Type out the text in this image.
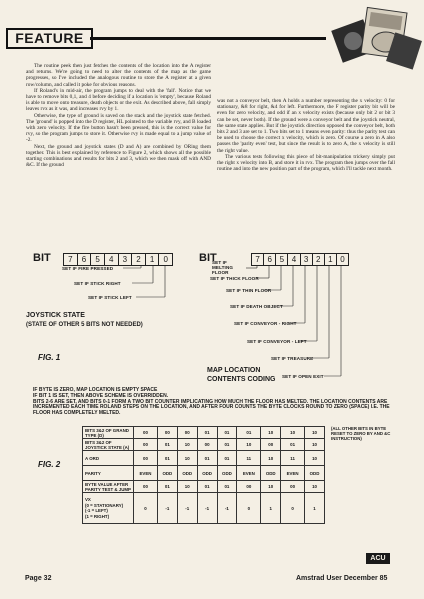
FEATURE

The routine peek then just fetches the contents of the location into the A register and returns. We're going to need to alter the contents of the map as the game progresses, so I've included the analogous routine to store the A register at a given row/column, and called it poke for obvious reasons.

If Roland's in mid-air, the program jumps to deal with the 'fall'. Notice that we have to remove bits 0,1, and 4 before deciding if a location is 'empty', because Roland is able to move onto treasure, death objects or the exit. As described above, fall simply leaves rvx as it was, and increases rvy by 1.

Otherwise, the type of ground is saved on the stack and the joystick state fetched. The 'ground' is popped into the D register, HL pointed to the variable rvy, and B loaded with zero velocity. If the fire button hasn't been pressed, this is the correct value for rvy, so the program jumps to store it. Otherwise rvy is made equal to a jump value of -2.

Next, the ground and joystick states (D and A) are combined by ORing them together. This is best explained by reference to Figure 2, which shows all the possible starting combinations and results for bits 2 and 3, which we then mask off with AND &C. If the ground

was not a conveyor belt, then A holds a number representing the x velocity: 0 for stationary, &8 for right, &4 for left. Furthermore, the F register parity bit will be even for zero velocity, and odd if an x velocity exists (because only bit 2 or bit 3 can be set, never both). If the ground were a conveyor belt and the joystick neutral, the same state applies. But if the joystick direction opposed the conveyor belt, both bits 2 and 3 are set to 1. Two bits set to 1 means even parity: thus the parity test can be used to choose the correct x velocity, which is zero. Of course a zero in A also passes the 'parity even' test, but since the result is to zero A, the x velocity is still the right value.

The various tests following this piece of bit-manipulation trickery simply put the right x velocity into B, and store it in rvx. The program then jumps over the fall routine and into the new position part of the program, which I'll tackle next month.

BIT	7	6	5	4	3	2	1	0	BIT	7 6 5 4 3 2 1 0
SET IF FIRE PRESSED
SET IF STICK RIGHT
SET IF STICK LEFT
JOYSTICK STATE
(STATE OF OTHER 5 BITS NOT NEEDED)
SET IF MELTING FLOOR
SET IF THICK FLOOR
SET IF THIN FLOOR
SET IF DEATH OBJECT
SET IF CONVEYOR - RIGHT
SET IF CONVEYOR - LEFT
SET IF TREASURE
SET IF OPEN EXIT
FIG. 1
MAP LOCATION
CONTENTS CODING
IF BYTE IS ZERO, MAP LOCATION IS EMPTY SPACE
IF BIT 1 IS SET, THEN ABOVE SCHEME IS OVERRIDDEN.
BITS 2-6 ARE SET, AND BITS 0-1 FORM A TWO BIT COUNTER IMPLICATING HOW MUCH THE FLOOR HAS MELTED. THE LOCATION CONTENTS ARE INCREMENTED EACH TIME ROLAND STEPS ON THE LOCATION, AND AFTER FOUR COUNTS THE BYTE CLOCKS ROUND TO ZERO (SPACE) I.E. THE FLOOR HAS COMPLETELY MELTED.
FIG. 2
(ALL OTHER BITS IN BYTE RESET TO ZERO BY AND &C INSTRUCTION)
BITS 3&2 OF GRAND TYPE (D)	00	00	00	01	01	01	10	10	10
BITS 3&2 OF JOYSTICK STATE (A)	00	01	10	00	01	10	00	01	10
A ORD	00	01	10	01	01	11	10	11	10
PARITY	EVEN	ODD	ODD	ODD	ODD	EVEN	ODD	EVEN	ODD
BYTE VALUE AFTER PARITY TEST & JUMP	00	01	10	01	01	00	10	00	10

VX
(0 = STATIONARY)
(-1 = LEFT)
(1 = RIGHT)	0	-1	-1	-1	-1	0	1	0	1
ACU
Page 32	Amstrad User December 85
